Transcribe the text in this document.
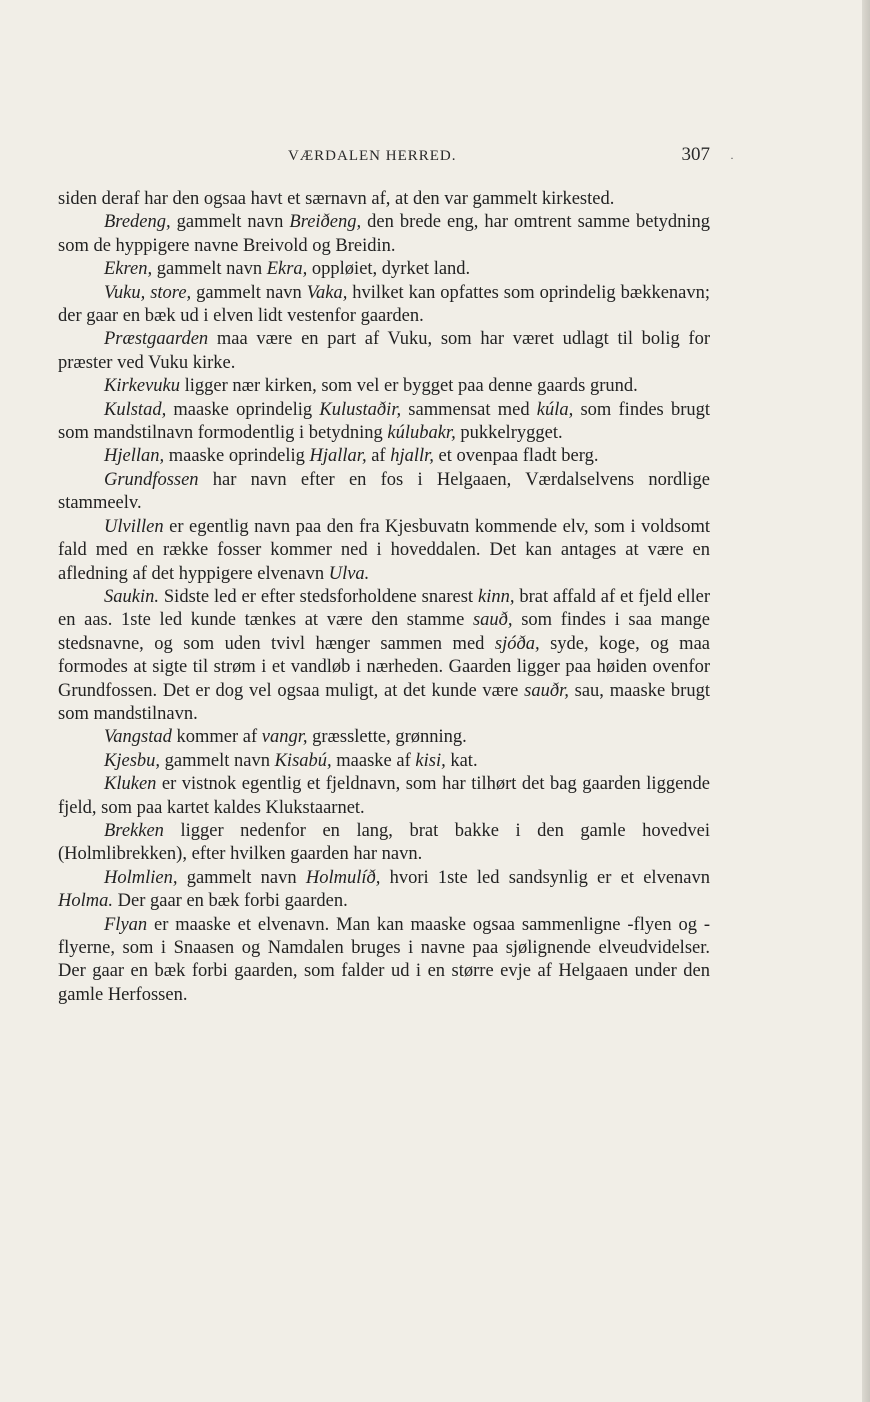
VÆRDALEN HERRED.	307 ·

siden deraf har den ogsaa havt et særnavn af, at den var gammelt kirkested.

Bredeng, gammelt navn Breiðeng, den brede eng, har omtrent samme betydning som de hyppigere navne Breivold og Breidin.

Ekren, gammelt navn Ekra, oppløiet, dyrket land.

Vuku, store, gammelt navn Vaka, hvilket kan opfattes som oprindelig bækkenavn; der gaar en bæk ud i elven lidt vestenfor gaarden.

Præstgaarden maa være en part af Vuku, som har været udlagt til bolig for præster ved Vuku kirke.

Kirkevuku ligger nær kirken, som vel er bygget paa denne gaards grund.

Kulstad, maaske oprindelig Kulustaðir, sammensat med kúla, som findes brugt som mandstilnavn formodentlig i betydning kúlubakr, pukkelrygget.

Hjellan, maaske oprindelig Hjallar, af hjallr, et ovenpaa fladt berg.

Grundfossen har navn efter en fos i Helgaaen, Værdalselvens nordlige stammeelv.

Ulvillen er egentlig navn paa den fra Kjesbuvatn kommende elv, som i voldsomt fald med en række fosser kommer ned i hoveddalen. Det kan antages at være en afledning af det hyppigere elvenavn Ulva.

Saukin. Sidste led er efter stedsforholdene snarest kinn, brat affald af et fjeld eller en aas. 1ste led kunde tænkes at være den stamme sauð, som findes i saa mange stedsnavne, og som uden tvivl hænger sammen med sjóða, syde, koge, og maa formodes at sigte til strøm i et vandløb i nærheden. Gaarden ligger paa høiden ovenfor Grundfossen. Det er dog vel ogsaa muligt, at det kunde være sauðr, sau, maaske brugt som mandstilnavn.

Vangstad kommer af vangr, græsslette, grønning.

Kjesbu, gammelt navn Kisabú, maaske af kisi, kat.

Kluken er vistnok egentlig et fjeldnavn, som har tilhørt det bag gaarden liggende fjeld, som paa kartet kaldes Klukstaarnet.

Brekken ligger nedenfor en lang, brat bakke i den gamle hovedvei (Holmlibrekken), efter hvilken gaarden har navn.

Holmlien, gammelt navn Holmulíð, hvori 1ste led sandsynlig er et elvenavn Holma. Der gaar en bæk forbi gaarden.

Flyan er maaske et elvenavn. Man kan maaske ogsaa sammenligne -flyen og -flyerne, som i Snaasen og Namdalen bruges i navne paa sjølignende elveudvidelser. Der gaar en bæk forbi gaarden, som falder ud i en større evje af Helgaaen under den gamle Herfossen.
